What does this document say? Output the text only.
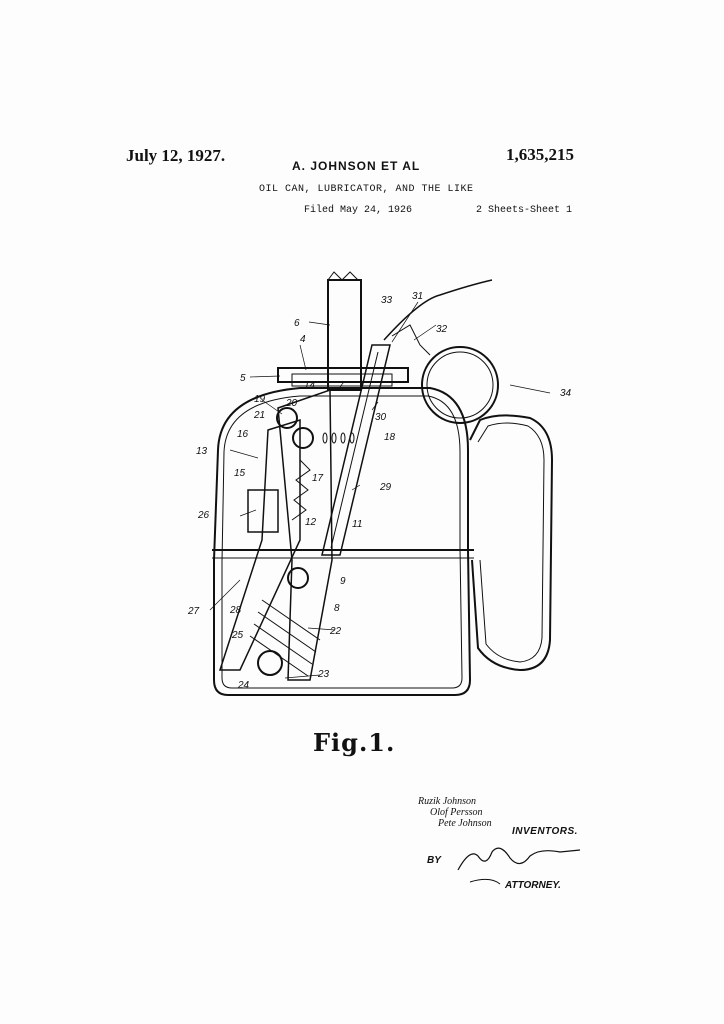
July 12, 1927.
A. JOHNSON ET AL
1,635,215
OIL CAN, LUBRICATOR, AND THE LIKE
Filed May 24, 1926	2 Sheets-Sheet 1
33 31
32
6
4
5
14 7
34
19 20
21	30
16	18
13
15	17
29
26
12	11
9
27	28	8
25	22
23
24
Fig.1.
Ruzik Johnson
Olof Persson
Pete Johnson
INVENTORS.
BY
ATTORNEY.
